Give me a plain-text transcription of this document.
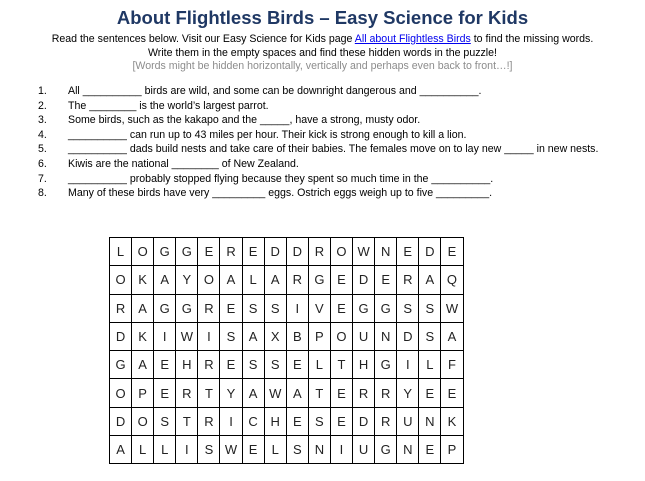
About Flightless Birds – Easy Science for Kids
Read the sentences below. Visit our Easy Science for Kids page All about Flightless Birds to find the missing words.
Write them in the empty spaces and find these hidden words in the puzzle!
[Words might be hidden horizontally, vertically and perhaps even back to front…!]
1. All __________ birds are wild, and some can be downright dangerous and __________.
2. The ________ is the world’s largest parrot.
3. Some birds, such as the kakapo and the _____, have a strong, musty odor.
4. __________ can run up to 43 miles per hour. Their kick is strong enough to kill a lion.
5. __________ dads build nests and take care of their babies. The females move on to lay new _____ in new nests.
6. Kiwis are the national ________ of New Zealand.
7. __________ probably stopped flying because they spent so much time in the __________.
8. Many of these birds have very _________ eggs. Ostrich eggs weigh up to five _________.
L	O	G	G	E	R	E	D	D	R	O	W	N	E	D	E
O	K	A	Y	O	A	L	A	R	G	E	D	E	R	A	Q
R	A	G	G	R	E	S	S	I	V	E	G	G	S	S	W
D	K	I	W	I	S	A	X	B	P	O	U	N	D	S	A
G	A	E	H	R	E	S	S	E	L	T	H	G	I	L	F
O	P	E	R	T	Y	A	W	A	T	E	R	R	Y	E	E
D	O	S	T	R	I	C	H	E	S	E	D	R	U	N	K
A	L	L	I	S	W	E	L	S	N	I	U	G	N	E	P
